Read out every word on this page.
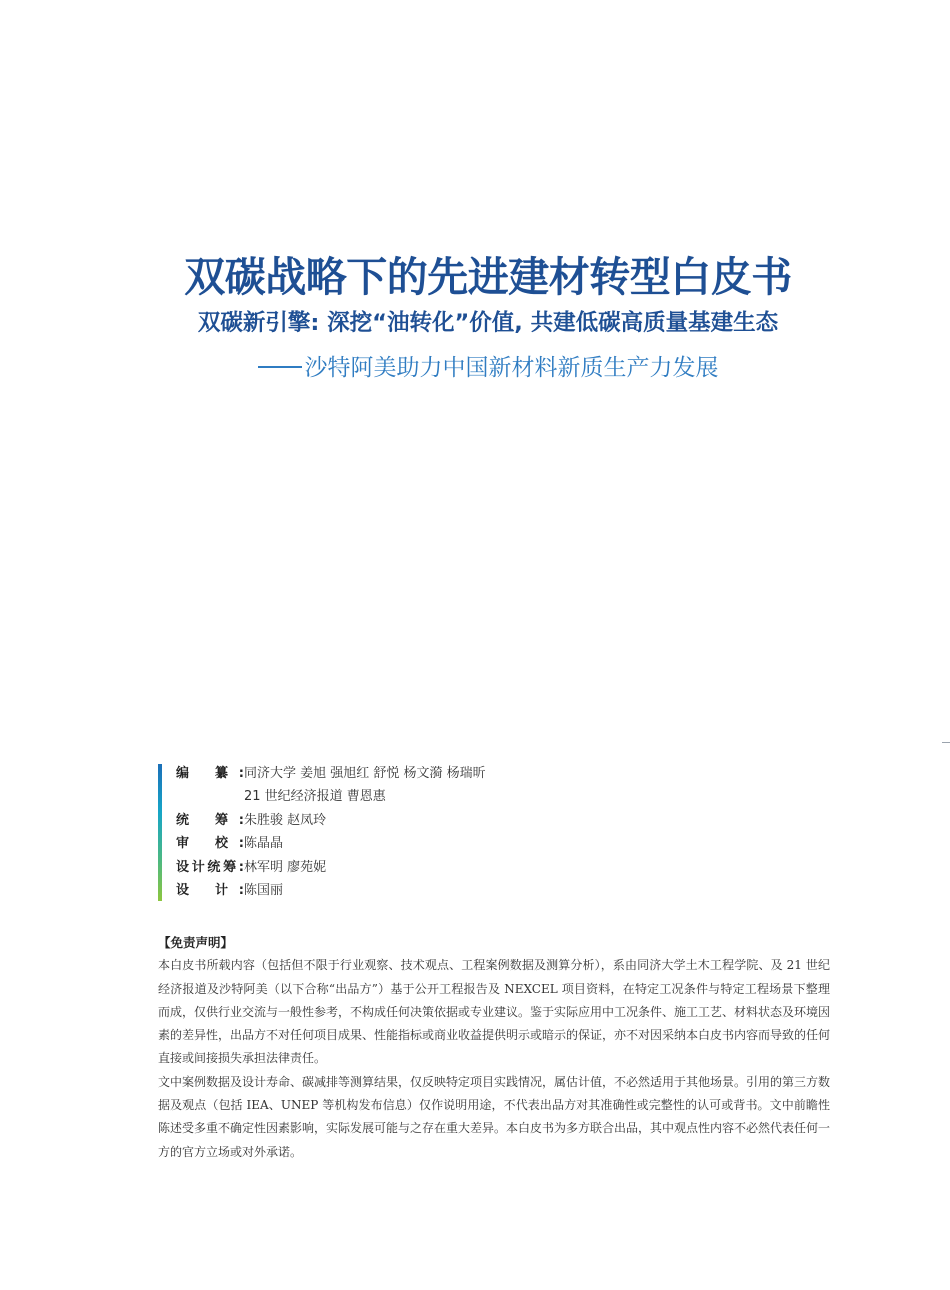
双碳战略下的先进建材转型白皮书
双碳新引擎: 深挖“油转化”价值, 共建低碳高质量基建生态
沙特阿美助力中国新材料新质生产力发展
编 纂:同济大学 姜旭 强旭红 舒悦 杨文漪 杨瑞昕
21 世纪经济报道 曹恩惠
统 筹:朱胜骏 赵凤玲
审 校:陈晶晶
设计统筹:林军明 廖苑妮
设 计:陈国丽

【免责声明】

本白皮书所载内容（包括但不限于行业观察、技术观点、工程案例数据及测算分析），系由同济大学土木工程学院、及 21 世纪经济报道及沙特阿美（以下合称“出品方”）基于公开工程报告及 NEXCEL 项目资料，在特定工况条件与特定工程场景下整理而成，仅供行业交流与一般性参考，不构成任何决策依据或专业建议。鉴于实际应用中工况条件、施工工艺、材料状态及环境因素的差异性，出品方不对任何项目成果、性能指标或商业收益提供明示或暗示的保证，亦不对因采纳本白皮书内容而导致的任何直接或间接损失承担法律责任。

文中案例数据及设计寿命、碳减排等测算结果，仅反映特定项目实践情况，属估计值，不必然适用于其他场景。引用的第三方数据及观点（包括 IEA、UNEP 等机构发布信息）仅作说明用途，不代表出品方对其准确性或完整性的认可或背书。文中前瞻性陈述受多重不确定性因素影响，实际发展可能与之存在重大差异。本白皮书为多方联合出品，其中观点性内容不必然代表任何一方的官方立场或对外承诺。
